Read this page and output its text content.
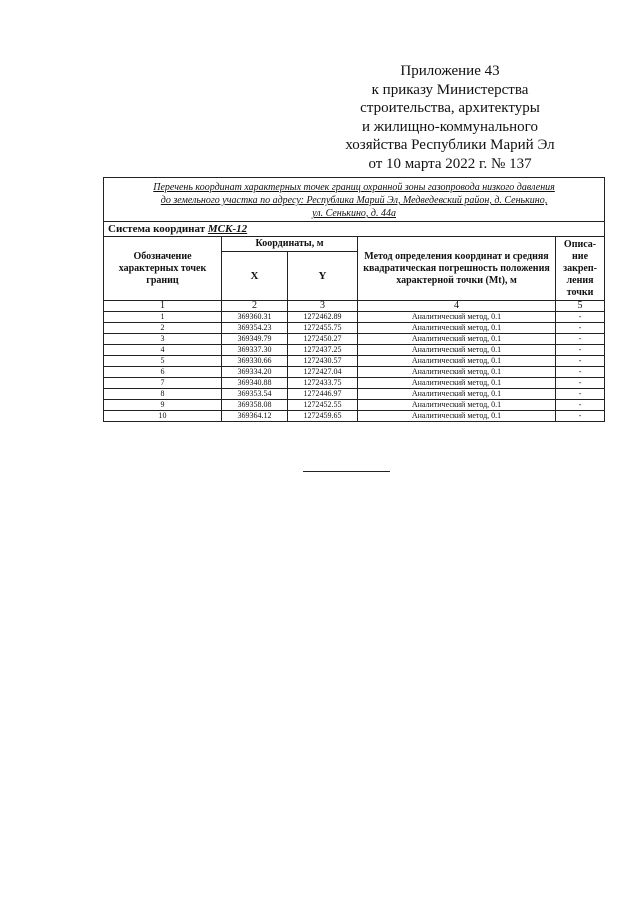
Приложение 43
к приказу Министерства
строительства, архитектуры
и жилищно-коммунального
хозяйства Республики Марий Эл
от 10 марта 2022 г. № 137
Перечень координат характерных точек границ охранной зоны газопровода низкого давления
до земельного участка по адресу: Республика Марий Эл, Медведевский район, д. Сенькино,
ул. Сенькино, д. 44а				

Система координат МСК-12				
Обозначение характерных точек границ	Координаты, м		Метод определения координат и средняя квадратическая погрешность положения характерной точки (Mt), м	Описа-ние закреп-ления точки
	X	Y		
1	2	3	4	5
1	369360.31	1272462.89	Аналитический метод, 0.1	-
2	369354.23	1272455.75	Аналитический метод, 0.1	-
3	369349.79	1272450.27	Аналитический метод, 0.1	-
4	369337.30	1272437.25	Аналитический метод, 0.1	-
5	369330.66	1272430.57	Аналитический метод, 0.1	-
6	369334.20	1272427.04	Аналитический метод, 0.1	-
7	369340.88	1272433.75	Аналитический метод, 0.1	-
8	369353.54	1272446.97	Аналитический метод, 0.1	-
9	369358.08	1272452.55	Аналитический метод, 0.1	-
10	369364.12	1272459.65	Аналитический метод, 0.1	-
